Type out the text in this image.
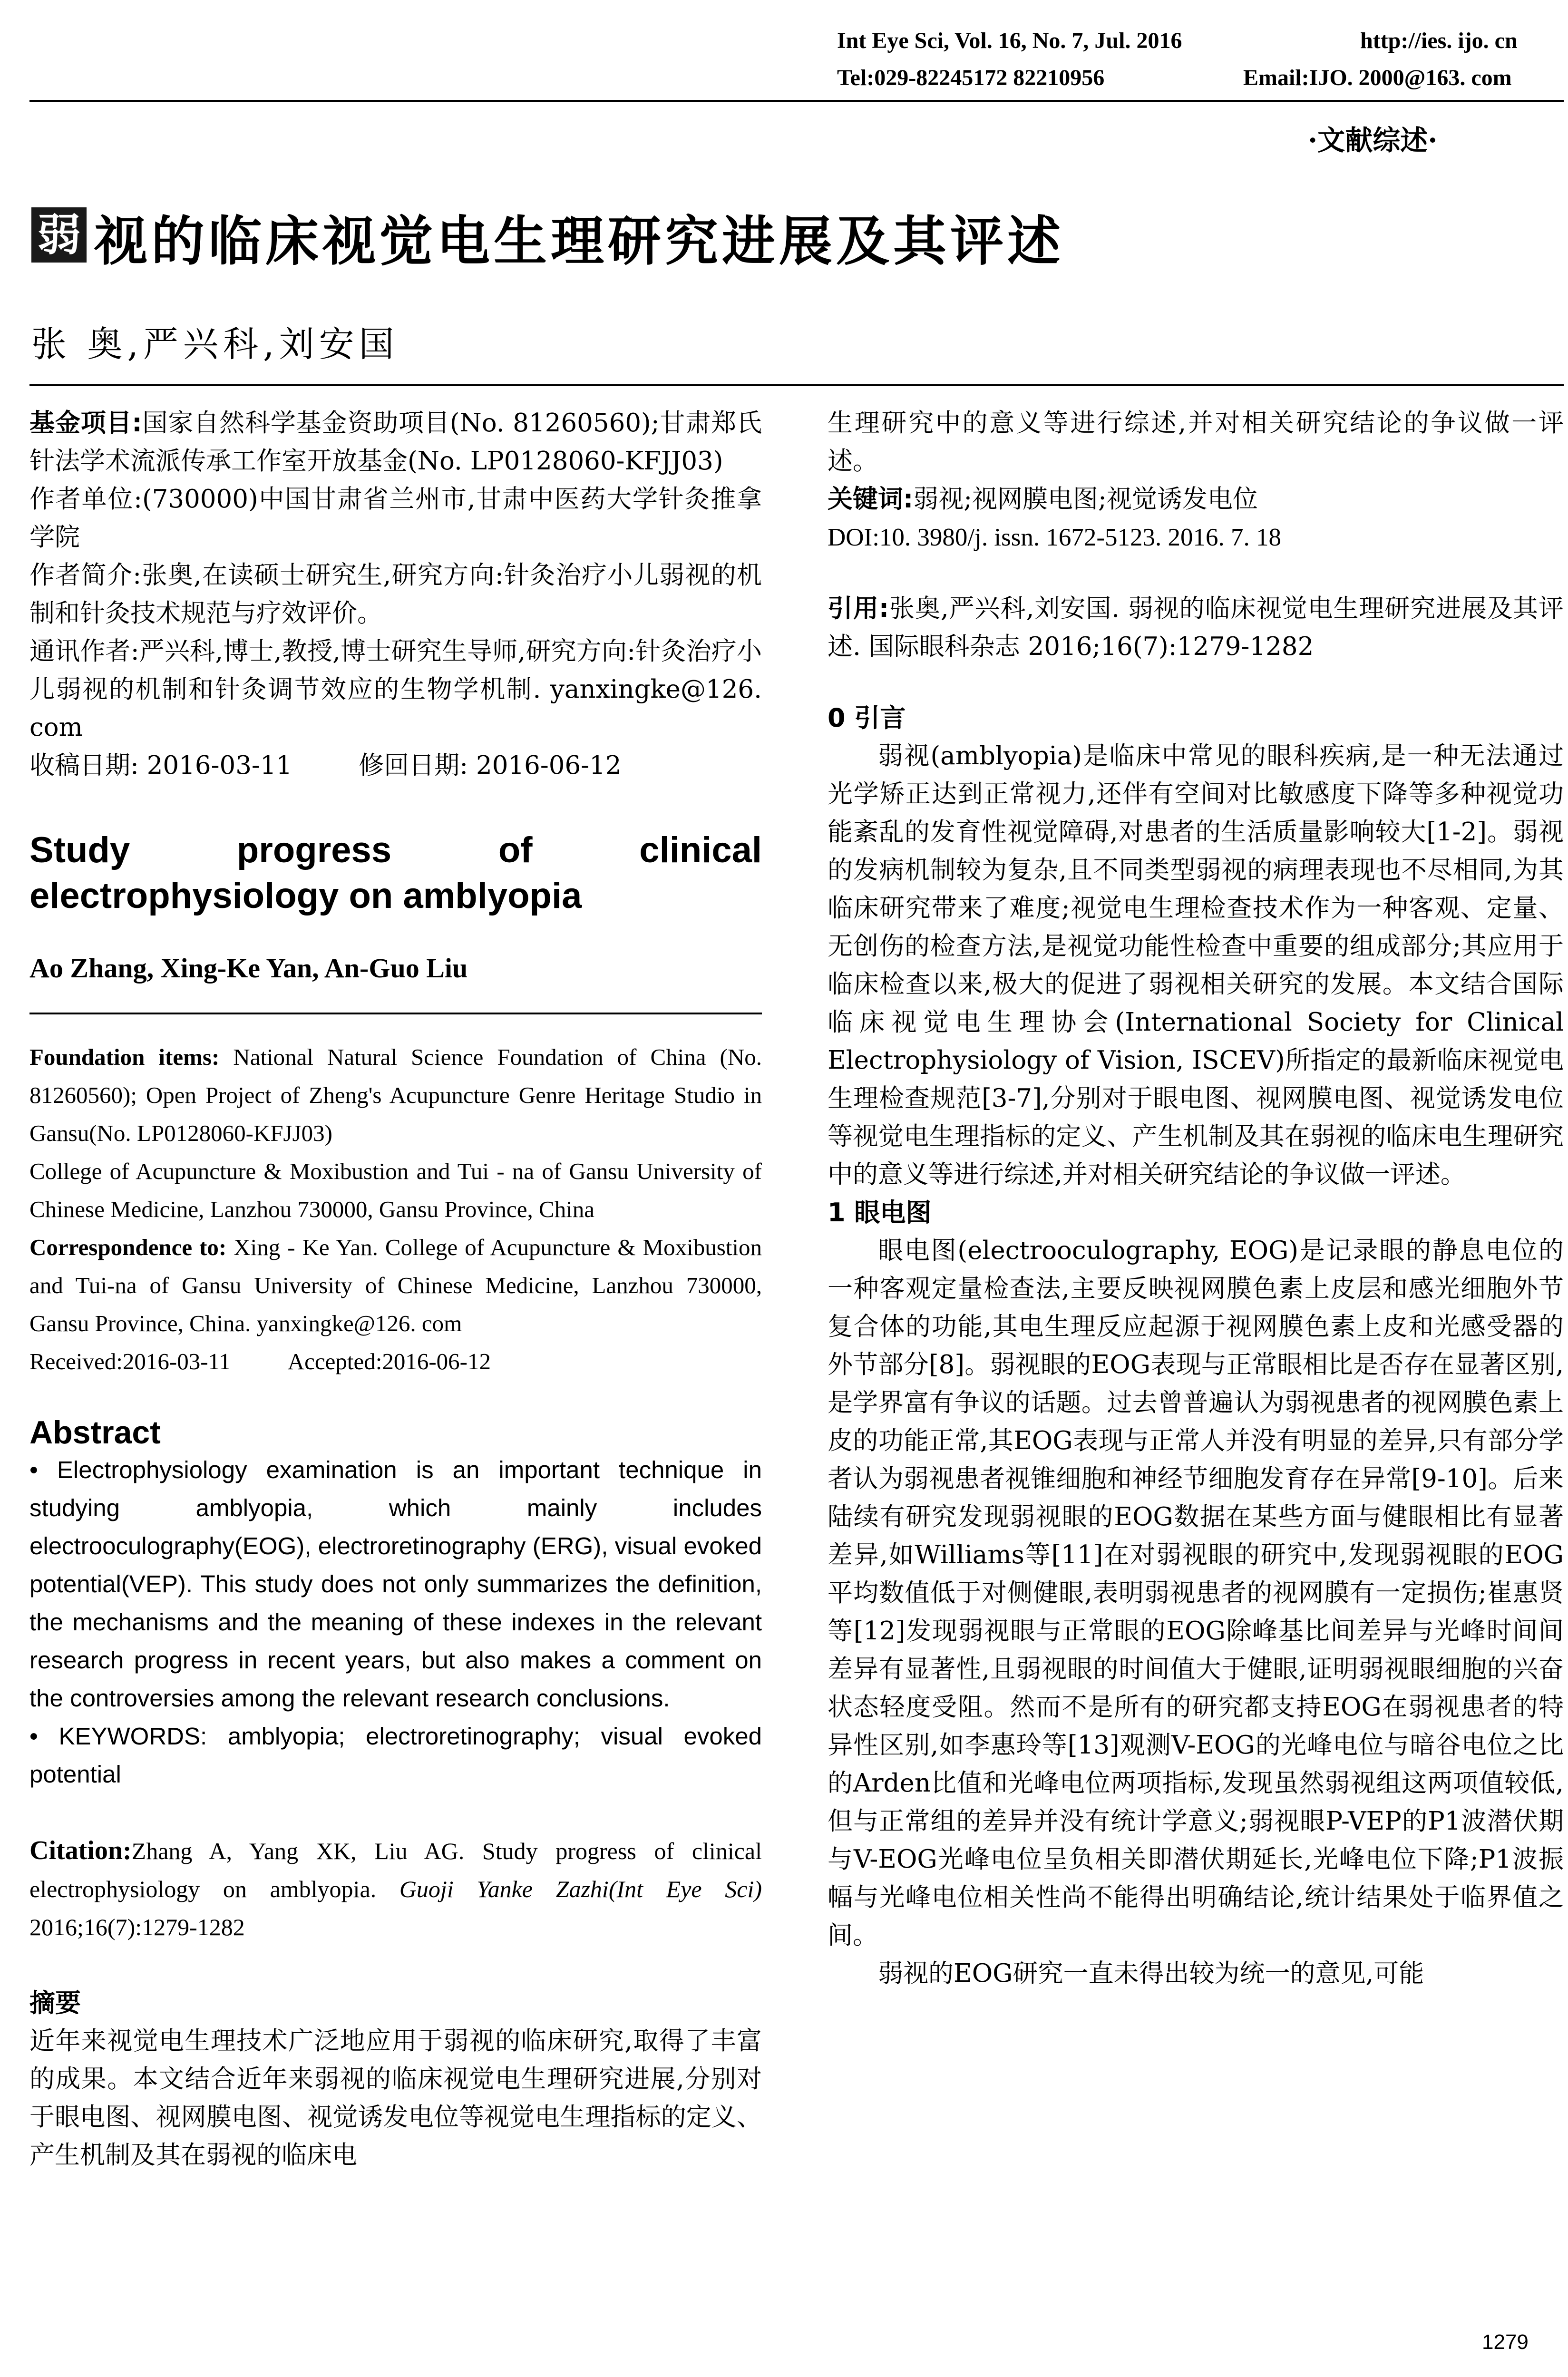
Int Eye Sci, Vol. 16, No. 7, Jul. 2016	http://ies. ijo. cn
Tel:029-82245172 82210956	Email:IJO. 2000@163. com
·文献综述·
弱 视的临床视觉电生理研究进展及其评述
张 奥,严兴科,刘安国

基金项目:国家自然科学基金资助项目(No. 81260560);甘肃郑氏针法学术流派传承工作室开放基金(No. LP0128060-KFJJ03)

作者单位:(730000)中国甘肃省兰州市,甘肃中医药大学针灸推拿学院

作者简介:张奥,在读硕士研究生,研究方向:针灸治疗小儿弱视的机制和针灸技术规范与疗效评价。

通讯作者:严兴科,博士,教授,博士研究生导师,研究方向:针灸治疗小儿弱视的机制和针灸调节效应的生物学机制. yanxingke@126. com

收稿日期: 2016-03-11	修回日期: 2016-06-12

Study progress of clinical
electrophysiology on amblyopia
Ao Zhang, Xing-Ke Yan, An-Guo Liu

Foundation items: National Natural Science Foundation of China (No. 81260560); Open Project of Zheng's Acupuncture Genre Heritage Studio in Gansu(No. LP0128060-KFJJ03)

College of Acupuncture & Moxibustion and Tui - na of Gansu University of Chinese Medicine, Lanzhou 730000, Gansu Province, China

Correspondence to: Xing - Ke Yan. College of Acupuncture & Moxibustion and Tui-na of Gansu University of Chinese Medicine, Lanzhou 730000, Gansu Province, China. yanxingke@126. com

Received:2016-03-11 Accepted:2016-06-12

Abstract

• Electrophysiology examination is an important technique in studying amblyopia, which mainly includes electrooculography(EOG), electroretinography (ERG), visual evoked potential(VEP). This study does not only summarizes the definition, the mechanisms and the meaning of these indexes in the relevant research progress in recent years, but also makes a comment on the controversies among the relevant research conclusions.

• KEYWORDS: amblyopia; electroretinography; visual evoked potential

Citation:Zhang A, Yang XK, Liu AG. Study progress of clinical electrophysiology on amblyopia. Guoji Yanke Zazhi(Int Eye Sci) 2016;16(7):1279-1282
摘要
近年来视觉电生理技术广泛地应用于弱视的临床研究,取得了丰富的成果。本文结合近年来弱视的临床视觉电生理研究进展,分别对于眼电图、视网膜电图、视觉诱发电位等视觉电生理指标的定义、产生机制及其在弱视的临床电
生理研究中的意义等进行综述,并对相关研究结论的争议做一评述。
关键词:弱视;视网膜电图;视觉诱发电位
DOI:10. 3980/j. issn. 1672-5123. 2016. 7. 18
引用:张奥,严兴科,刘安国. 弱视的临床视觉电生理研究进展及其评述. 国际眼科杂志 2016;16(7):1279-1282
0 引言
弱视(amblyopia)是临床中常见的眼科疾病,是一种无法通过光学矫正达到正常视力,还伴有空间对比敏感度下降等多种视觉功能紊乱的发育性视觉障碍,对患者的生活质量影响较大[1-2]。弱视的发病机制较为复杂,且不同类型弱视的病理表现也不尽相同,为其临床研究带来了难度;视觉电生理检查技术作为一种客观、定量、无创伤的检查方法,是视觉功能性检查中重要的组成部分;其应用于临床检查以来,极大的促进了弱视相关研究的发展。本文结合国际临床视觉电生理协会(International Society for Clinical Electrophysiology of Vision, ISCEV)所指定的最新临床视觉电生理检查规范[3-7],分别对于眼电图、视网膜电图、视觉诱发电位等视觉电生理指标的定义、产生机制及其在弱视的临床电生理研究中的意义等进行综述,并对相关研究结论的争议做一评述。
1 眼电图
眼电图(electrooculography, EOG)是记录眼的静息电位的一种客观定量检查法,主要反映视网膜色素上皮层和感光细胞外节复合体的功能,其电生理反应起源于视网膜色素上皮和光感受器的外节部分[8]。弱视眼的EOG表现与正常眼相比是否存在显著区别,是学界富有争议的话题。过去曾普遍认为弱视患者的视网膜色素上皮的功能正常,其EOG表现与正常人并没有明显的差异,只有部分学者认为弱视患者视锥细胞和神经节细胞发育存在异常[9-10]。后来陆续有研究发现弱视眼的EOG数据在某些方面与健眼相比有显著差异,如Williams等[11]在对弱视眼的研究中,发现弱视眼的EOG平均数值低于对侧健眼,表明弱视患者的视网膜有一定损伤;崔惠贤等[12]发现弱视眼与正常眼的EOG除峰基比间差异与光峰时间间差异有显著性,且弱视眼的时间值大于健眼,证明弱视眼细胞的兴奋状态轻度受阻。然而不是所有的研究都支持EOG在弱视患者的特异性区别,如李惠玲等[13]观测V-EOG的光峰电位与暗谷电位之比的Arden比值和光峰电位两项指标,发现虽然弱视组这两项值较低,但与正常组的差异并没有统计学意义;弱视眼P-VEP的P1波潜伏期与V-EOG光峰电位呈负相关即潜伏期延长,光峰电位下降;P1波振幅与光峰电位相关性尚不能得出明确结论,统计结果处于临界值之间。
弱视的EOG研究一直未得出较为统一的意见,可能
1279
